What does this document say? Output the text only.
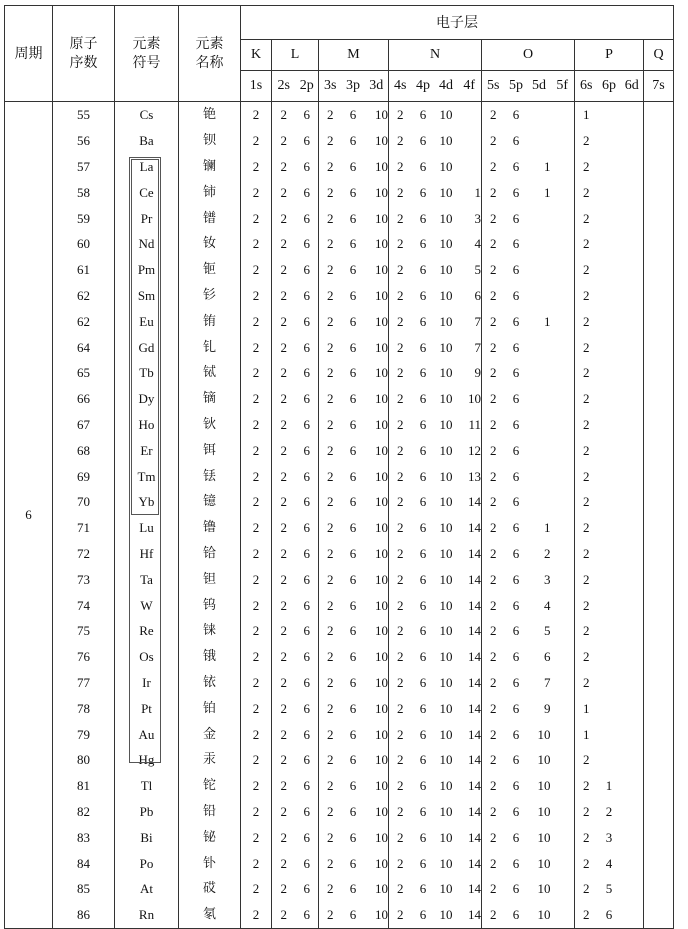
周期	原子序数	元素符号	元素名称	电子层																	
				K	L		M			N				O				P			Q
				1s	2s	2p	3s	3p	3d	4s	4p	4d	4f	5s	5p	5d	5f	6s	6p	6d	7s
6	55	Cs	铯	2	2	6	2	6	10	2	6	10		2	6			1			
	56	Ba	钡	2	2	6	2	6	10	2	6	10		2	6			2			
	57	La	镧	2	2	6	2	6	10	2	6	10		2	6	1		2			
	58	Ce	铈	2	2	6	2	6	10	2	6	10	1	2	6	1		2			
	59	Pr	镨	2	2	6	2	6	10	2	6	10	3	2	6			2			
	60	Nd	钕	2	2	6	2	6	10	2	6	10	4	2	6			2			
	61	Pm	钷	2	2	6	2	6	10	2	6	10	5	2	6			2			
	62	Sm	钐	2	2	6	2	6	10	2	6	10	6	2	6			2			
	62	Eu	铕	2	2	6	2	6	10	2	6	10	7	2	6	1		2			
	64	Gd	钆	2	2	6	2	6	10	2	6	10	7	2	6			2			
	65	Tb	铽	2	2	6	2	6	10	2	6	10	9	2	6			2			
	66	Dy	镝	2	2	6	2	6	10	2	6	10	10	2	6			2			
	67	Ho	钬	2	2	6	2	6	10	2	6	10	11	2	6			2			
	68	Er	铒	2	2	6	2	6	10	2	6	10	12	2	6			2			
	69	Tm	铥	2	2	6	2	6	10	2	6	10	13	2	6			2			
	70	Yb	镱	2	2	6	2	6	10	2	6	10	14	2	6			2			
	71	Lu	镥	2	2	6	2	6	10	2	6	10	14	2	6	1		2			
	72	Hf	铪	2	2	6	2	6	10	2	6	10	14	2	6	2		2			
	73	Ta	钽	2	2	6	2	6	10	2	6	10	14	2	6	3		2			
	74	W	钨	2	2	6	2	6	10	2	6	10	14	2	6	4		2			
	75	Re	铼	2	2	6	2	6	10	2	6	10	14	2	6	5		2			
	76	Os	锇	2	2	6	2	6	10	2	6	10	14	2	6	6		2			
	77	Ir	铱	2	2	6	2	6	10	2	6	10	14	2	6	7		2			
	78	Pt	铂	2	2	6	2	6	10	2	6	10	14	2	6	9		1			
	79	Au	金	2	2	6	2	6	10	2	6	10	14	2	6	10		1			
	80	Hg	汞	2	2	6	2	6	10	2	6	10	14	2	6	10		2			
	81	Tl	铊	2	2	6	2	6	10	2	6	10	14	2	6	10		2	1		
	82	Pb	铅	2	2	6	2	6	10	2	6	10	14	2	6	10		2	2		
	83	Bi	铋	2	2	6	2	6	10	2	6	10	14	2	6	10		2	3		
	84	Po	钋	2	2	6	2	6	10	2	6	10	14	2	6	10		2	4		
	85	At	砹	2	2	6	2	6	10	2	6	10	14	2	6	10		2	5		
	86	Rn	氡	2	2	6	2	6	10	2	6	10	14	2	6	10		2	6		
